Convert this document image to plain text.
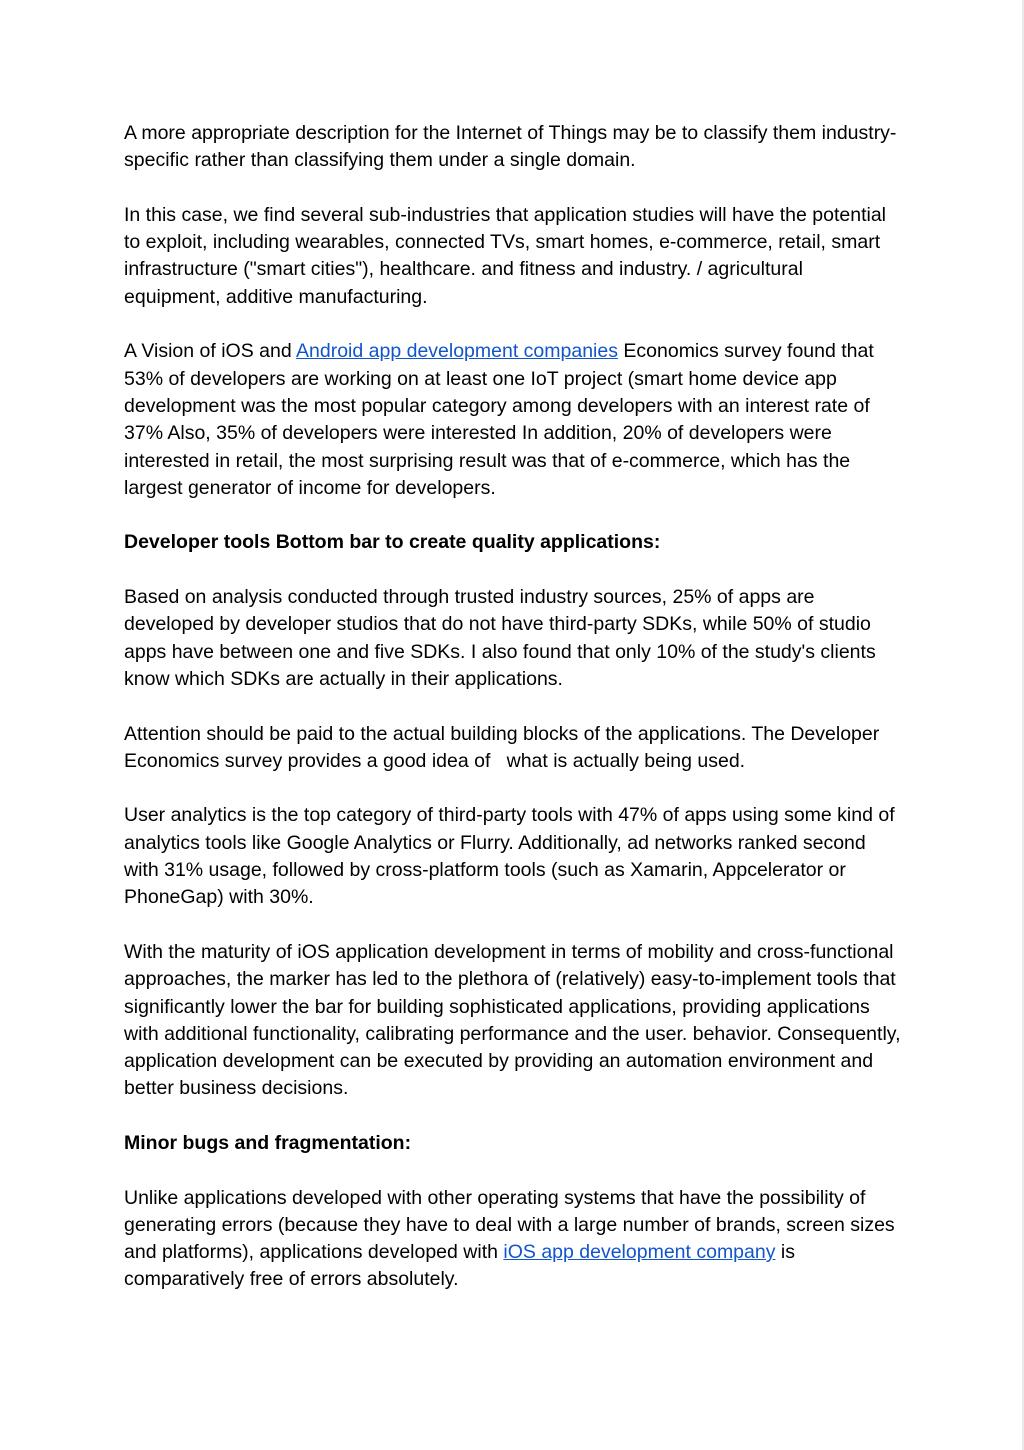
A more appropriate description for the Internet of Things may be to classify them industry-specific rather than classifying them under a single domain.

In this case, we find several sub-industries that application studies will have the potential to exploit, including wearables, connected TVs, smart homes, e-commerce, retail, smart infrastructure ("smart cities"), healthcare. and fitness and industry. / agricultural equipment, additive manufacturing.

A Vision of iOS and Android app development companies Economics survey found that 53% of developers are working on at least one IoT project (smart home device app development was the most popular category among developers with an interest rate of 37% Also, 35% of developers were interested In addition, 20% of developers were interested in retail, the most surprising result was that of e-commerce, which has the largest generator of income for developers.

Developer tools Bottom bar to create quality applications:

Based on analysis conducted through trusted industry sources, 25% of apps are developed by developer studios that do not have third-party SDKs, while 50% of studio apps have between one and five SDKs. I also found that only 10% of the study's clients know which SDKs are actually in their applications.

Attention should be paid to the actual building blocks of the applications. The Developer Economics survey provides a good idea of   what is actually being used.

User analytics is the top category of third-party tools with 47% of apps using some kind of analytics tools like Google Analytics or Flurry. Additionally, ad networks ranked second with 31% usage, followed by cross-platform tools (such as Xamarin, Appcelerator or PhoneGap) with 30%.

With the maturity of iOS application development in terms of mobility and cross-functional approaches, the marker has led to the plethora of (relatively) easy-to-implement tools that significantly lower the bar for building sophisticated applications, providing applications with additional functionality, calibrating performance and the user. behavior. Consequently, application development can be executed by providing an automation environment and better business decisions.

Minor bugs and fragmentation:

Unlike applications developed with other operating systems that have the possibility of generating errors (because they have to deal with a large number of brands, screen sizes and platforms), applications developed with iOS app development company is comparatively free of errors absolutely.
